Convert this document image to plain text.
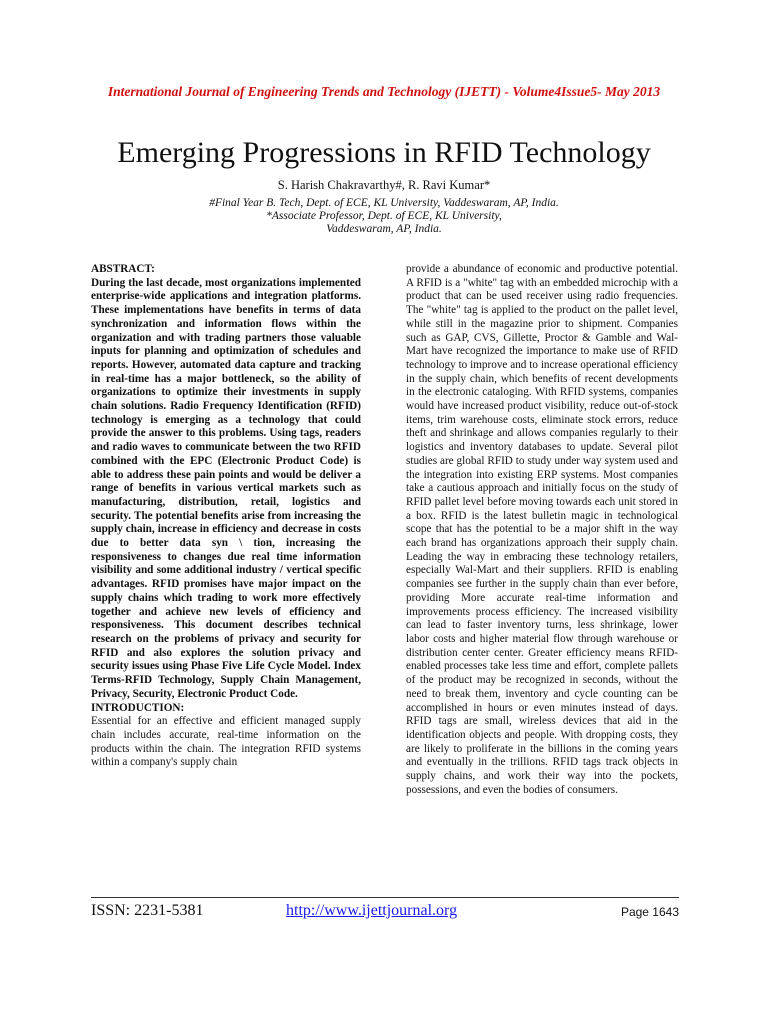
International Journal of Engineering Trends and Technology (IJETT) - Volume4Issue5- May 2013
Emerging Progressions in RFID Technology
S. Harish Chakravarthy#, R. Ravi Kumar*
#Final Year B. Tech, Dept. of ECE, KL University, Vaddeswaram, AP, India.
*Associate Professor, Dept. of ECE, KL University,
Vaddeswaram, AP, India.

ABSTRACT:

During the last decade, most organizations implemented enterprise-wide applications and integration platforms. These implementations have benefits in terms of data synchronization and information flows within the organization and with trading partners those valuable inputs for planning and optimization of schedules and reports. However, automated data capture and tracking in real-time has a major bottleneck, so the ability of organizations to optimize their investments in supply chain solutions. Radio Frequency Identification (RFID) technology is emerging as a technology that could provide the answer to this problems. Using tags, readers and radio waves to communicate between the two RFID combined with the EPC (Electronic Product Code) is able to address these pain points and would be deliver a range of benefits in various vertical markets such as manufacturing, distribution, retail, logistics and security. The potential benefits arise from increasing the supply chain, increase in efficiency and decrease in costs due to better data syn \ tion, increasing the responsiveness to changes due real time information visibility and some additional industry / vertical specific advantages. RFID promises have major impact on the supply chains which trading to work more effectively together and achieve new levels of efficiency and responsiveness. This document describes technical research on the problems of privacy and security for RFID and also explores the solution privacy and security issues using Phase Five Life Cycle Model. Index Terms-RFID Technology, Supply Chain Management, Privacy, Security, Electronic Product Code.

INTRODUCTION:

Essential for an effective and efficient managed supply chain includes accurate, real-time information on the products within the chain. The integration RFID systems within a company's supply chain

provide a abundance of economic and productive potential. A RFID is a "white" tag with an embedded microchip with a product that can be used receiver using radio frequencies. The "white" tag is applied to the product on the pallet level, while still in the magazine prior to shipment. Companies such as GAP, CVS, Gillette, Proctor & Gamble and Wal-Mart have recognized the importance to make use of RFID technology to improve and to increase operational efficiency in the supply chain, which benefits of recent developments in the electronic cataloging. With RFID systems, companies would have increased product visibility, reduce out-of-stock items, trim warehouse costs, eliminate stock errors, reduce theft and shrinkage and allows companies regularly to their logistics and inventory databases to update. Several pilot studies are global RFID to study under way system used and the integration into existing ERP systems. Most companies take a cautious approach and initially focus on the study of RFID pallet level before moving towards each unit stored in a box. RFID is the latest bulletin magic in technological scope that has the potential to be a major shift in the way each brand has organizations approach their supply chain. Leading the way in embracing these technology retailers, especially Wal-Mart and their suppliers. RFID is enabling companies see further in the supply chain than ever before, providing More accurate real-time information and improvements process efficiency. The increased visibility can lead to faster inventory turns, less shrinkage, lower labor costs and higher material flow through warehouse or distribution center center. Greater efficiency means RFID-enabled processes take less time and effort, complete pallets of the product may be recognized in seconds, without the need to break them, inventory and cycle counting can be accomplished in hours or even minutes instead of days. RFID tags are small, wireless devices that aid in the identification objects and people. With dropping costs, they are likely to proliferate in the billions in the coming years and eventually in the trillions. RFID tags track objects in supply chains, and work their way into the pockets, possessions, and even the bodies of consumers.

ISSN: 2231-5381	http://www.ijettjournal.org	Page 1643
